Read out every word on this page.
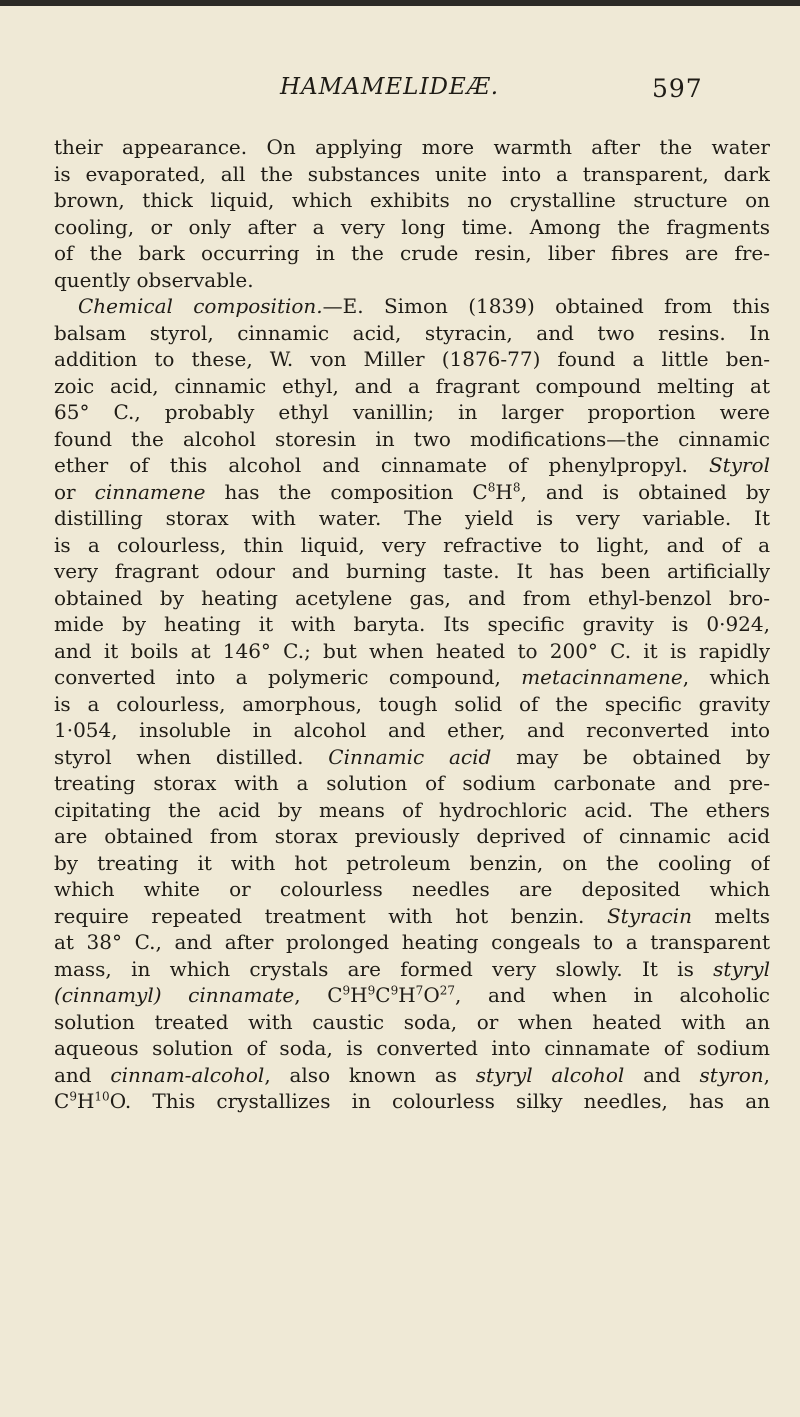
HAMAMELIDEÆ.	597
their appearance. On applying more warmth after the water
is evaporated, all the substances unite into a transparent, dark
brown, thick liquid, which exhibits no crystalline structure on
cooling, or only after a very long time. Among the fragments
of the bark occurring in the crude resin, liber fibres are fre-
quently observable.
Chemical composition.—E. Simon (1839) obtained from this
balsam styrol, cinnamic acid, styracin, and two resins. In
addition to these, W. von Miller (1876-77) found a little ben-
zoic acid, cinnamic ethyl, and a fragrant compound melting at
65° C., probably ethyl vanillin; in larger proportion were
found the alcohol storesin in two modifications—the cinnamic
ether of this alcohol and cinnamate of phenylpropyl. Styrol
or cinnamene has the composition $C^8H^8$, and is obtained by
distilling storax with water. The yield is very variable. It
is a colourless, thin liquid, very refractive to light, and of a
very fragrant odour and burning taste. It has been artificially
obtained by heating acetylene gas, and from ethyl-benzol bro-
mide by heating it with baryta. Its specific gravity is 0·924,
and it boils at 146° C.; but when heated to 200° C. it is rapidly
converted into a polymeric compound, metacinnamene, which
is a colourless, amorphous, tough solid of the specific gravity
1·054, insoluble in alcohol and ether, and reconverted into
styrol when distilled. Cinnamic acid may be obtained by
treating storax with a solution of sodium carbonate and pre-
cipitating the acid by means of hydrochloric acid. The ethers
are obtained from storax previously deprived of cinnamic acid
by treating it with hot petroleum benzin, on the cooling of
which white or colourless needles are deposited which
require repeated treatment with hot benzin. Styracin melts
at 38° C., and after prolonged heating congeals to a transparent
mass, in which crystals are formed very slowly. It is styryl
(cinnamyl) cinnamate, $C^9H^9C^9H^7O^{27}$, and when in alcoholic
solution treated with caustic soda, or when heated with an
aqueous solution of soda, is converted into cinnamate of sodium
and cinnam-alcohol, also known as styryl alcohol and styron,
$C^9H^{10}O$. This crystallizes in colourless silky needles, has an
